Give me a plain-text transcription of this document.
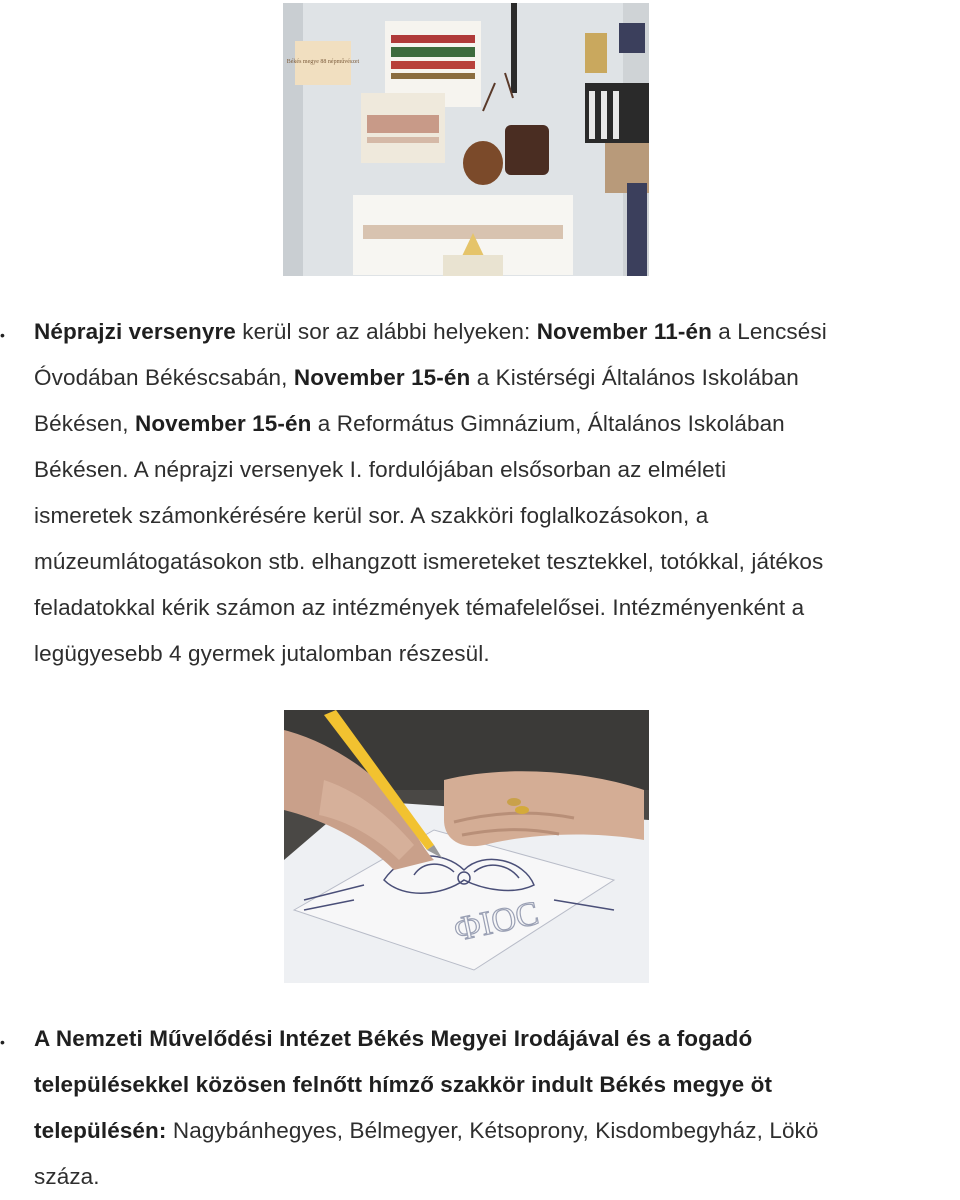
Békés megye 88 népművészet
• Néprajzi versenyre kerül sor az alábbi helyeken: November 11-én a Lencsési
Óvodában Békéscsabán, November 15-én a Kistérségi Általános Iskolában
Békésen, November 15-én a Református Gimnázium, Általános Iskolában
Békésen. A néprajzi versenyek I. fordulójában elsősorban az elméleti
ismeretek számonkérésére kerül sor. A szakköri foglalkozásokon, a
múzeumlátogatásokon stb. elhangzott ismereteket tesztekkel, totókkal, játékos
feladatokkal kérik számon az intézmények témafelelősei. Intézményenként a
legügyesebb 4 gyermek jutalomban részesül.
ФIOC
• A Nemzeti Művelődési Intézet Békés Megyei Irodájával és a fogadó
településekkel közösen felnőtt hímző szakkör indult Békés megye öt
településén: Nagybánhegyes, Bélmegyer, Kétsoprony, Kisdombegyház, Lökö
száza.
